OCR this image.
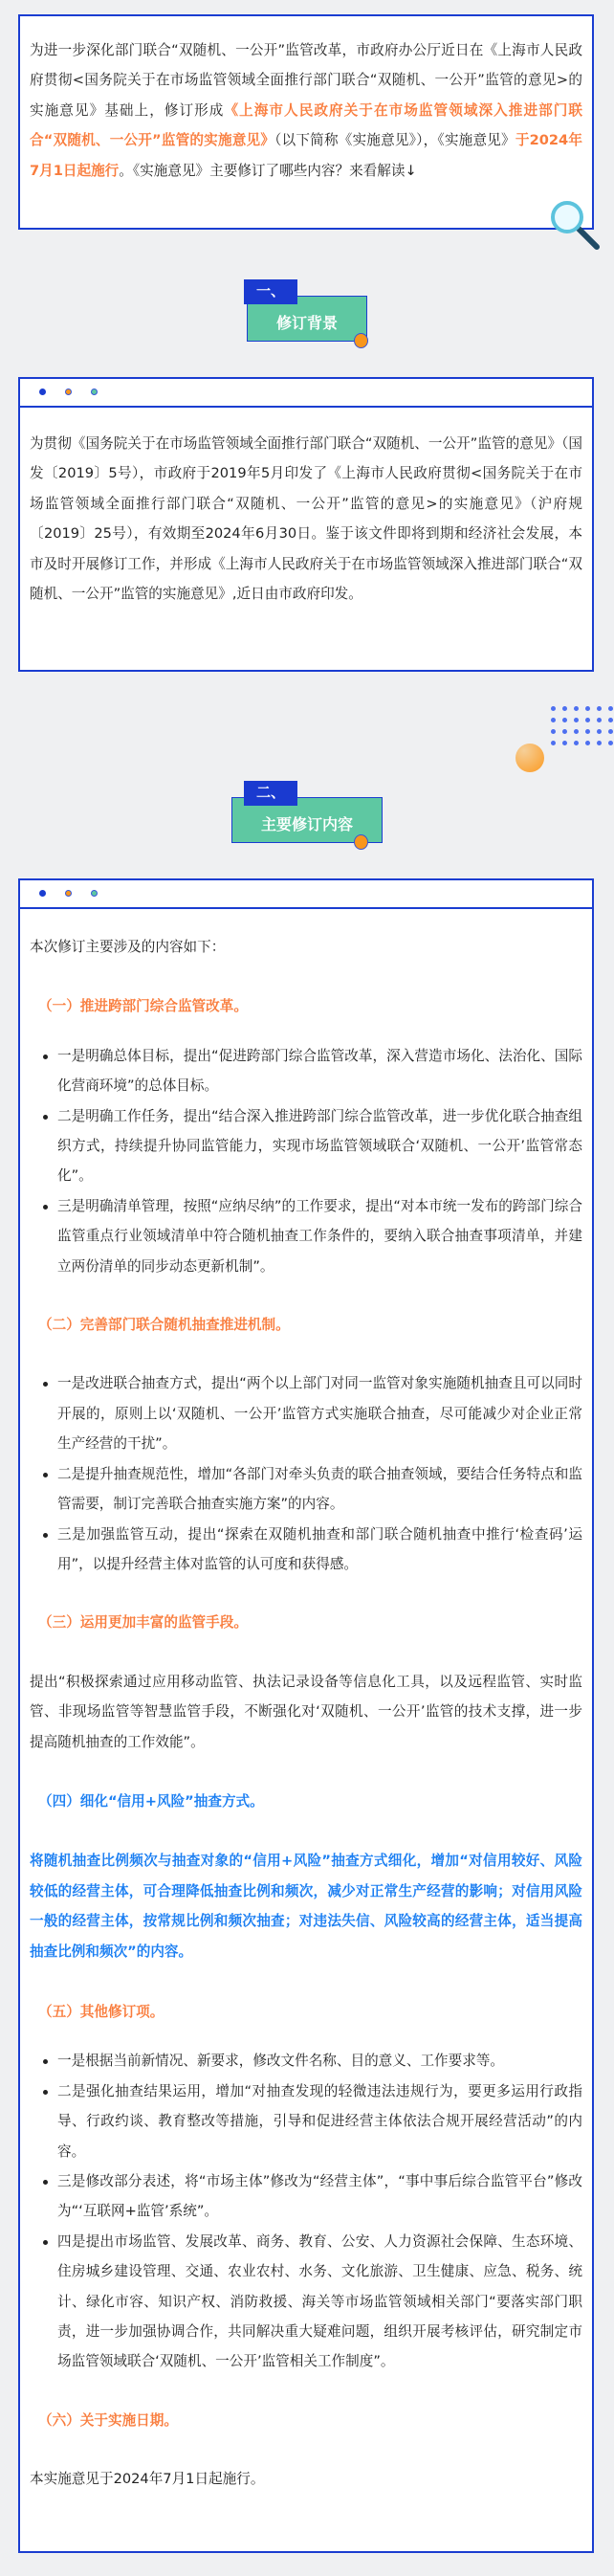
为进一步深化部门联合“双随机、一公开”监管改革，市政府办公厅近日在《上海市人民政府贯彻<国务院关于在市场监管领域全面推行部门联合“双随机、一公开”监管的意见>的实施意见》基础上，修订形成《上海市人民政府关于在市场监管领域深入推进部门联合“双随机、一公开”监管的实施意见》（以下简称《实施意见》），《实施意见》于2024年7月1日起施行。《实施意见》主要修订了哪些内容？来看解读↓

一、
修订背景

为贯彻《国务院关于在市场监管领域全面推行部门联合“双随机、一公开”监管的意见》（国发〔2019〕5号），市政府于2019年5月印发了《上海市人民政府贯彻<国务院关于在市场监管领域全面推行部门联合“双随机、一公开”监管的意见>的实施意见》（沪府规〔2019〕25号），有效期至2024年6月30日。鉴于该文件即将到期和经济社会发展，本市及时开展修订工作，并形成《上海市人民政府关于在市场监管领域深入推进部门联合“双随机、一公开”监管的实施意见》,近日由市政府印发。

二、
主要修订内容

本次修订主要涉及的内容如下：

（一）推进跨部门综合监管改革。

一是明确总体目标，提出“促进跨部门综合监管改革，深入营造市场化、法治化、国际化营商环境”的总体目标。
二是明确工作任务，提出“结合深入推进跨部门综合监管改革，进一步优化联合抽查组织方式，持续提升协同监管能力，实现市场监管领域联合‘双随机、一公开’监管常态化”。
三是明确清单管理，按照“应纳尽纳”的工作要求，提出“对本市统一发布的跨部门综合监管重点行业领域清单中符合随机抽查工作条件的，要纳入联合抽查事项清单，并建立两份清单的同步动态更新机制”。

（二）完善部门联合随机抽查推进机制。

一是改进联合抽查方式，提出“两个以上部门对同一监管对象实施随机抽查且可以同时开展的，原则上以‘双随机、一公开’监管方式实施联合抽查，尽可能减少对企业正常生产经营的干扰”。
二是提升抽查规范性，增加“各部门对牵头负责的联合抽查领域，要结合任务特点和监管需要，制订完善联合抽查实施方案”的内容。
三是加强监管互动，提出“探索在双随机抽查和部门联合随机抽查中推行‘检查码’运用”，以提升经营主体对监管的认可度和获得感。

（三）运用更加丰富的监管手段。

提出“积极探索通过应用移动监管、执法记录设备等信息化工具，以及远程监管、实时监管、非现场监管等智慧监管手段，不断强化对‘双随机、一公开’监管的技术支撑，进一步提高随机抽查的工作效能”。

（四）细化“信用+风险”抽查方式。

将随机抽查比例频次与抽查对象的“信用+风险”抽查方式细化，增加“对信用较好、风险较低的经营主体，可合理降低抽查比例和频次，减少对正常生产经营的影响；对信用风险一般的经营主体，按常规比例和频次抽查；对违法失信、风险较高的经营主体，适当提高抽查比例和频次”的内容。

（五）其他修订项。

一是根据当前新情况、新要求，修改文件名称、目的意义、工作要求等。
二是强化抽查结果运用，增加“对抽查发现的轻微违法违规行为，要更多运用行政指导、行政约谈、教育整改等措施，引导和促进经营主体依法合规开展经营活动”的内容。
三是修改部分表述，将“市场主体”修改为“经营主体”，“事中事后综合监管平台”修改为“‘互联网+监管’系统”。
四是提出市场监管、发展改革、商务、教育、公安、人力资源社会保障、生态环境、住房城乡建设管理、交通、农业农村、水务、文化旅游、卫生健康、应急、税务、统计、绿化市容、知识产权、消防救援、海关等市场监管领域相关部门“要落实部门职责，进一步加强协调合作，共同解决重大疑难问题，组织开展考核评估，研究制定市场监管领域联合‘双随机、一公开’监管相关工作制度”。

（六）关于实施日期。

本实施意见于2024年7月1日起施行。
